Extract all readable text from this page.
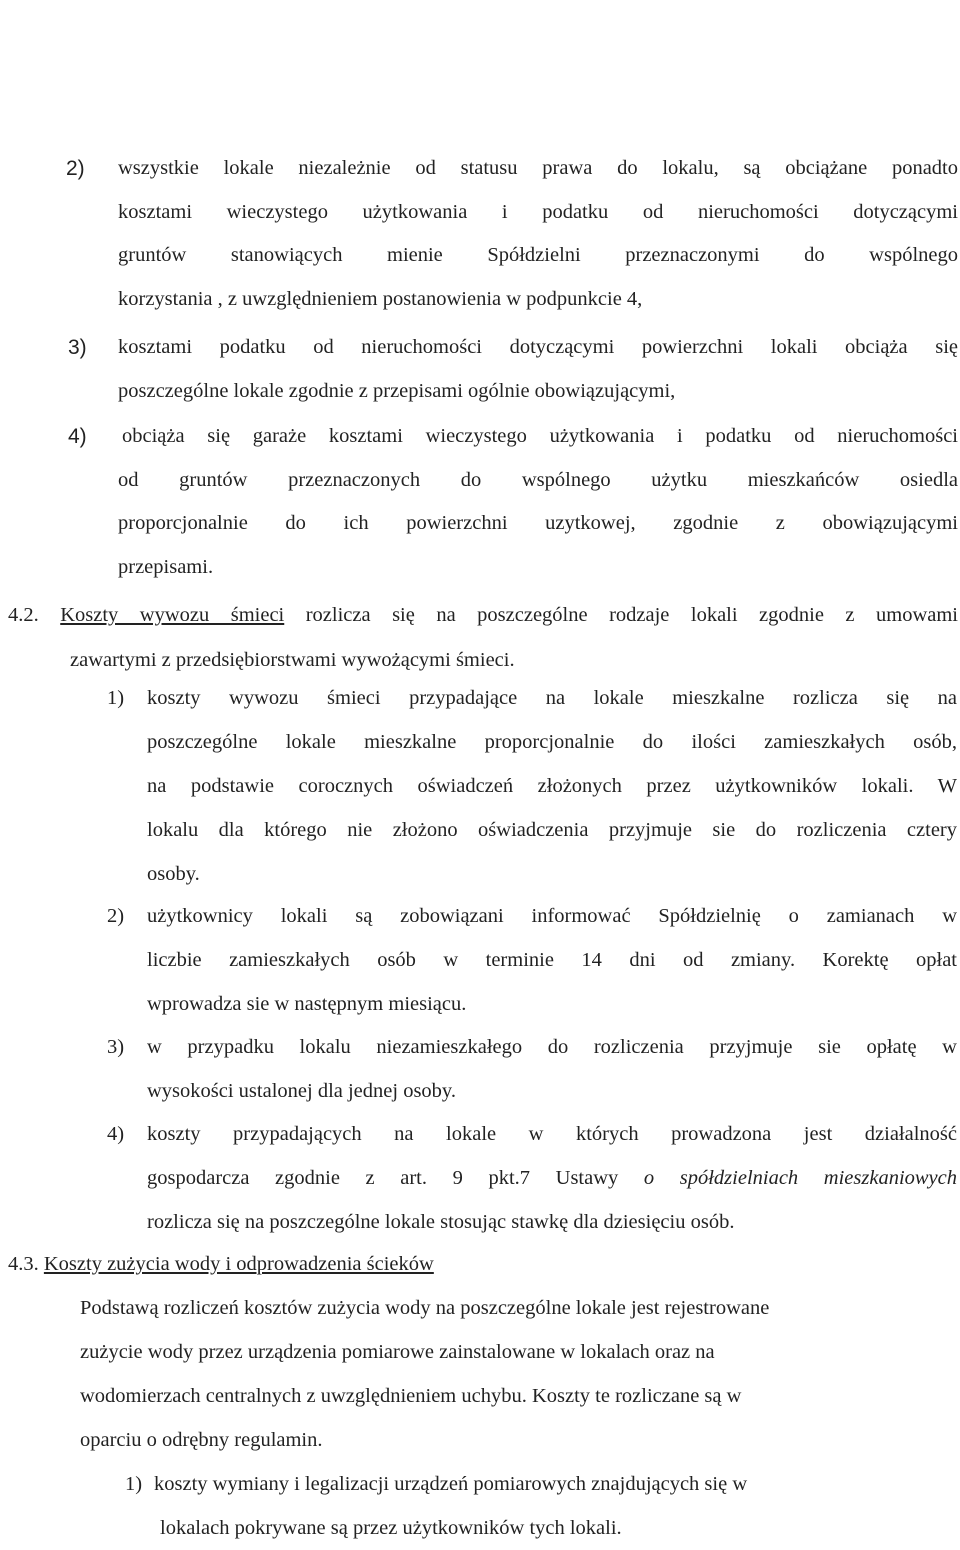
2) wszystkie lokale niezależnie od statusu prawa do lokalu, są obciążane ponadto
kosztami wieczystego użytkowania i podatku od nieruchomości dotyczącymi
gruntów stanowiących mienie Spółdzielni przeznaczonymi do wspólnego
korzystania , z uwzględnieniem postanowienia w podpunkcie 4,
3) kosztami podatku od nieruchomości dotyczącymi powierzchni lokali obciąża się
poszczególne lokale zgodnie z przepisami ogólnie obowiązującymi,
4) obciąża się garaże kosztami wieczystego użytkowania i podatku od nieruchomości
od gruntów przeznaczonych do wspólnego użytku mieszkańców osiedla
proporcjonalnie do ich powierzchni uzytkowej, zgodnie z obowiązującymi
przepisami.
4.2. Koszty wywozu śmieci rozlicza się na poszczególne rodzaje lokali zgodnie z umowami
zawartymi z przedsiębiorstwami wywożącymi śmieci.
1) koszty wywozu śmieci przypadające na lokale mieszkalne rozlicza się na
poszczególne lokale mieszkalne proporcjonalnie do ilości zamieszkałych osób,
na podstawie corocznych oświadczeń złożonych przez użytkowników lokali. W
lokalu dla którego nie złożono oświadczenia przyjmuje sie do rozliczenia cztery
osoby.
2) użytkownicy lokali są zobowiązani informować Spółdzielnię o zamianach w
liczbie zamieszkałych osób w terminie 14 dni od zmiany. Korektę opłat
wprowadza sie w następnym miesiącu.
3) w przypadku lokalu niezamieszkałego do rozliczenia przyjmuje sie opłatę w
wysokości ustalonej dla jednej osoby.
4) koszty przypadających na lokale w których prowadzona jest działalność
gospodarcza zgodnie z art. 9 pkt.7 Ustawy o spółdzielniach mieszkaniowych
rozlicza się na poszczególne lokale stosując stawkę dla dziesięciu osób.
4.3. Koszty zużycia wody i odprowadzenia ścieków
Podstawą rozliczeń kosztów zużycia wody na poszczególne lokale jest rejestrowane
zużycie wody przez urządzenia pomiarowe zainstalowane w lokalach oraz na
wodomierzach centralnych z uwzględnieniem uchybu. Koszty te rozliczane są w
oparciu o odrębny regulamin.
1) koszty wymiany i legalizacji urządzeń pomiarowych znajdujących się w
lokalach pokrywane są przez użytkowników tych lokali.
